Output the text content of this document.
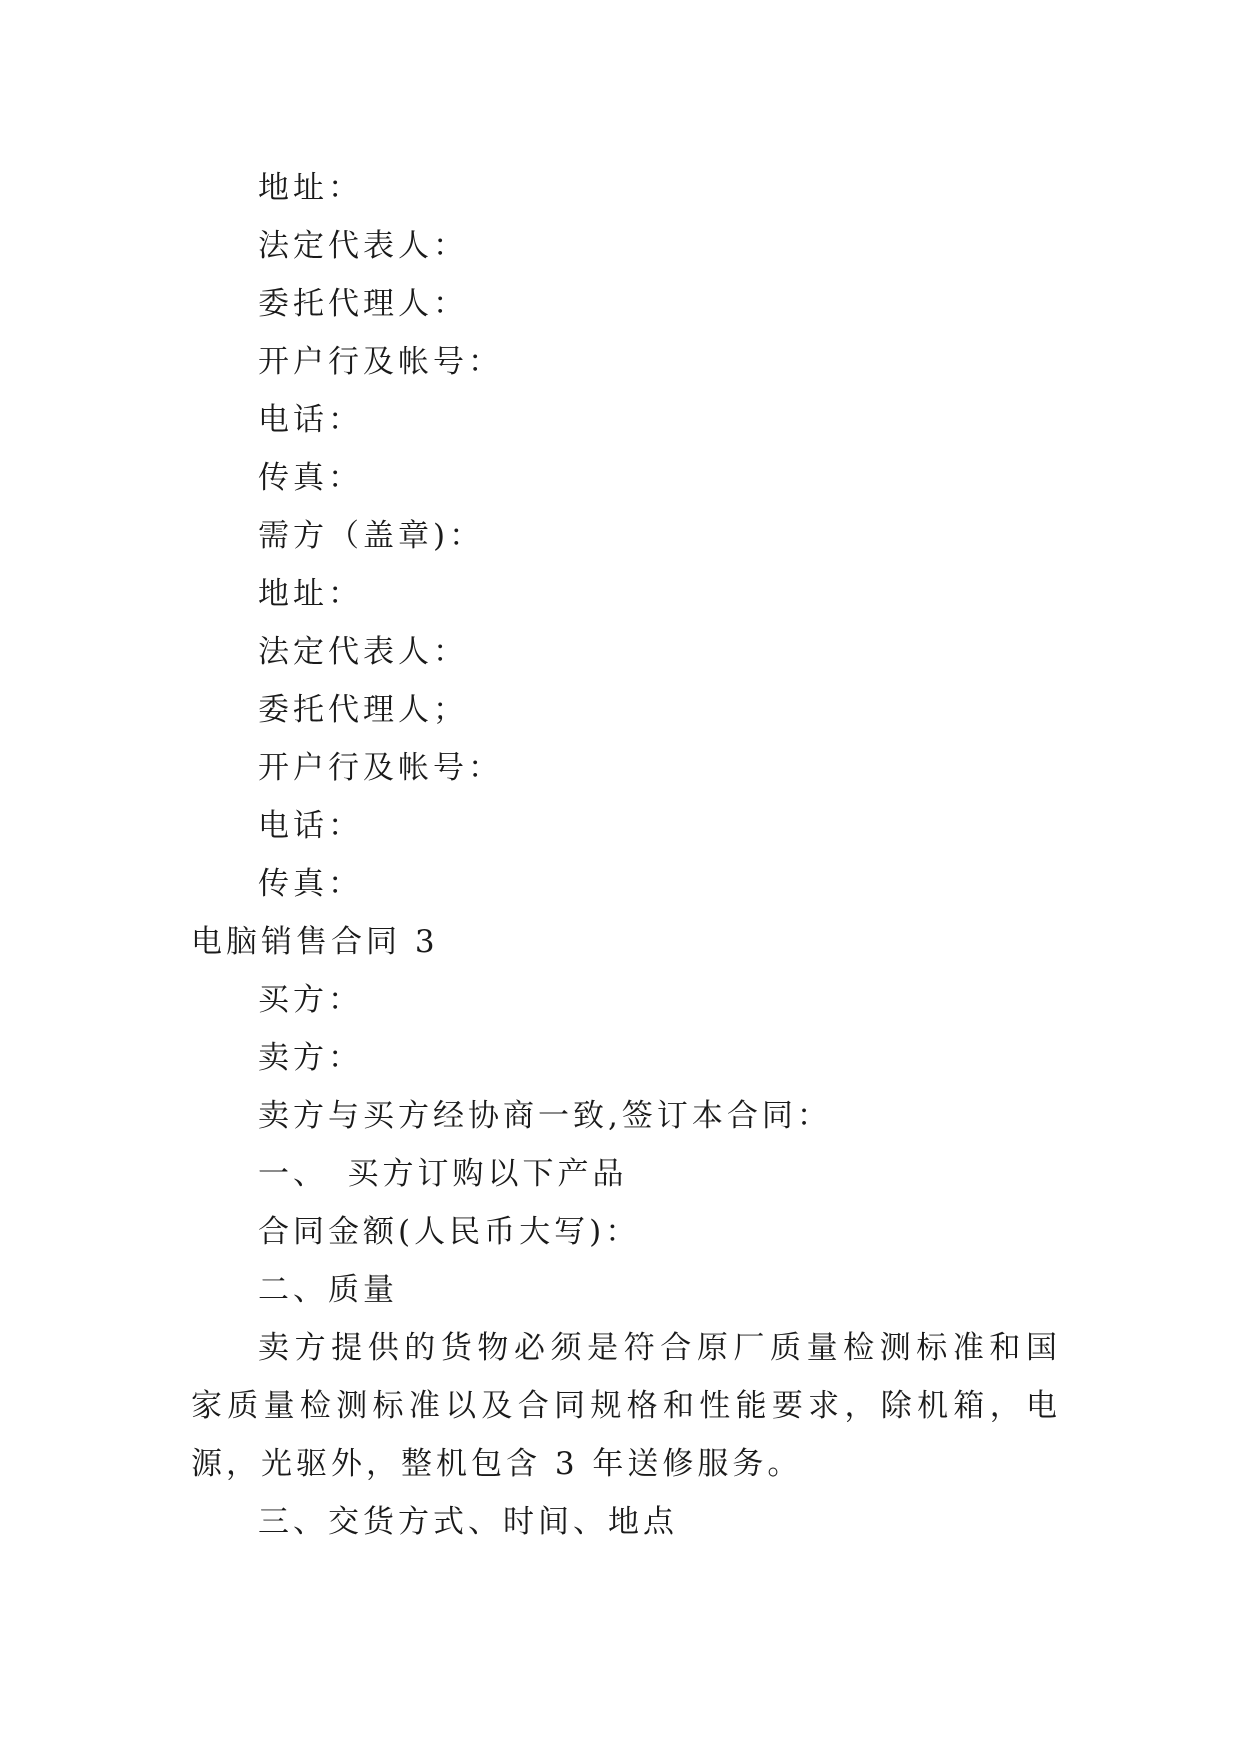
地址：
法定代表人：
委托代理人：
开户行及帐号：
电话：
传真：
需方（盖章)：
地址：
法定代表人：
委托代理人；
开户行及帐号：
电话：
传真：
电脑销售合同 3
买方：
卖方：
卖方与买方经协商一致,签订本合同：
一、　买方订购以下产品
合同金额(人民币大写)：
二、质量
卖方提供的货物必须是符合原厂质量检测标准和国家质量检测标准以及合同规格和性能要求，除机箱，电源，光驱外，整机包含 3 年送修服务。
三、交货方式、时间、地点
